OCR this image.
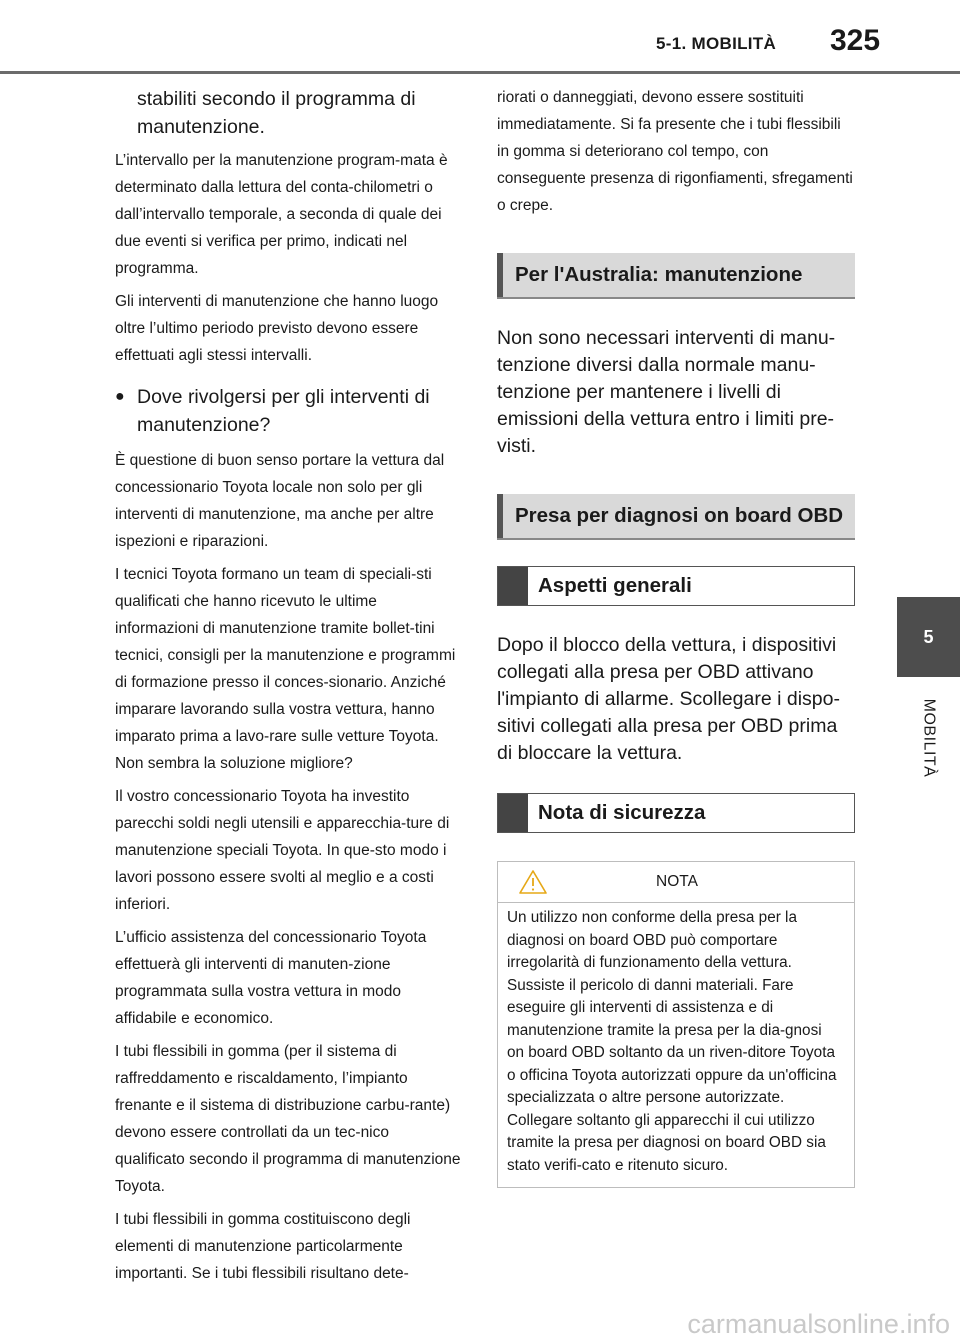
5-1. MOBILITÀ 325
5
MOBILITÀ
stabiliti secondo il programma di manutenzione.

L’intervallo per la manutenzione program-mata è determinato dalla lettura del conta-chilometri o dall’intervallo temporale, a seconda di quale dei due eventi si verifica per primo, indicati nel programma.

Gli interventi di manutenzione che hanno luogo oltre l’ultimo periodo previsto devono essere effettuati agli stessi intervalli.

● Dove rivolgersi per gli interventi di manutenzione?

È questione di buon senso portare la vettura dal concessionario Toyota locale non solo per gli interventi di manutenzione, ma anche per altre ispezioni e riparazioni.

I tecnici Toyota formano un team di speciali-sti qualificati che hanno ricevuto le ultime informazioni di manutenzione tramite bollet-tini tecnici, consigli per la manutenzione e programmi di formazione presso il conces-sionario. Anziché imparare lavorando sulla vostra vettura, hanno imparato prima a lavo-rare sulle vetture Toyota. Non sembra la soluzione migliore?

Il vostro concessionario Toyota ha investito parecchi soldi negli utensili e apparecchia-ture di manutenzione speciali Toyota. In que-sto modo i lavori possono essere svolti al meglio e a costi inferiori.

L’ufficio assistenza del concessionario Toyota effettuerà gli interventi di manuten-zione programmata sulla vostra vettura in modo affidabile e economico.

I tubi flessibili in gomma (per il sistema di raffreddamento e riscaldamento, l’impianto frenante e il sistema di distribuzione carbu-rante) devono essere controllati da un tec-nico qualificato secondo il programma di manutenzione Toyota.

I tubi flessibili in gomma costituiscono degli elementi di manutenzione particolarmente importanti. Se i tubi flessibili risultano dete-

riorati o danneggiati, devono essere sostituiti immediatamente. Si fa presente che i tubi flessibili in gomma si deteriorano col tempo, con conseguente presenza di rigonfiamenti, sfregamenti o crepe.

Per l'Australia: manutenzione

Non sono necessari interventi di manu-tenzione diversi dalla normale manu-tenzione per mantenere i livelli di emissioni della vettura entro i limiti pre-visti.

Presa per diagnosi on board OBD
Aspetti generali

Dopo il blocco della vettura, i dispositivi collegati alla presa per OBD attivano l'impianto di allarme. Scollegare i dispo-sitivi collegati alla presa per OBD prima di bloccare la vettura.

Nota di sicurezza
NOTA
Un utilizzo non conforme della presa per la diagnosi on board OBD può comportare irregolarità di funzionamento della vettura. Sussiste il pericolo di danni materiali. Fare eseguire gli interventi di assistenza e di manutenzione tramite la presa per la dia-gnosi on board OBD soltanto da un riven-ditore Toyota o officina Toyota autorizzati oppure da un'officina specializzata o altre persone autorizzate. Collegare soltanto gli apparecchi il cui utilizzo tramite la presa per diagnosi on board OBD sia stato verifi-cato e ritenuto sicuro.
carmanualsonline.info
